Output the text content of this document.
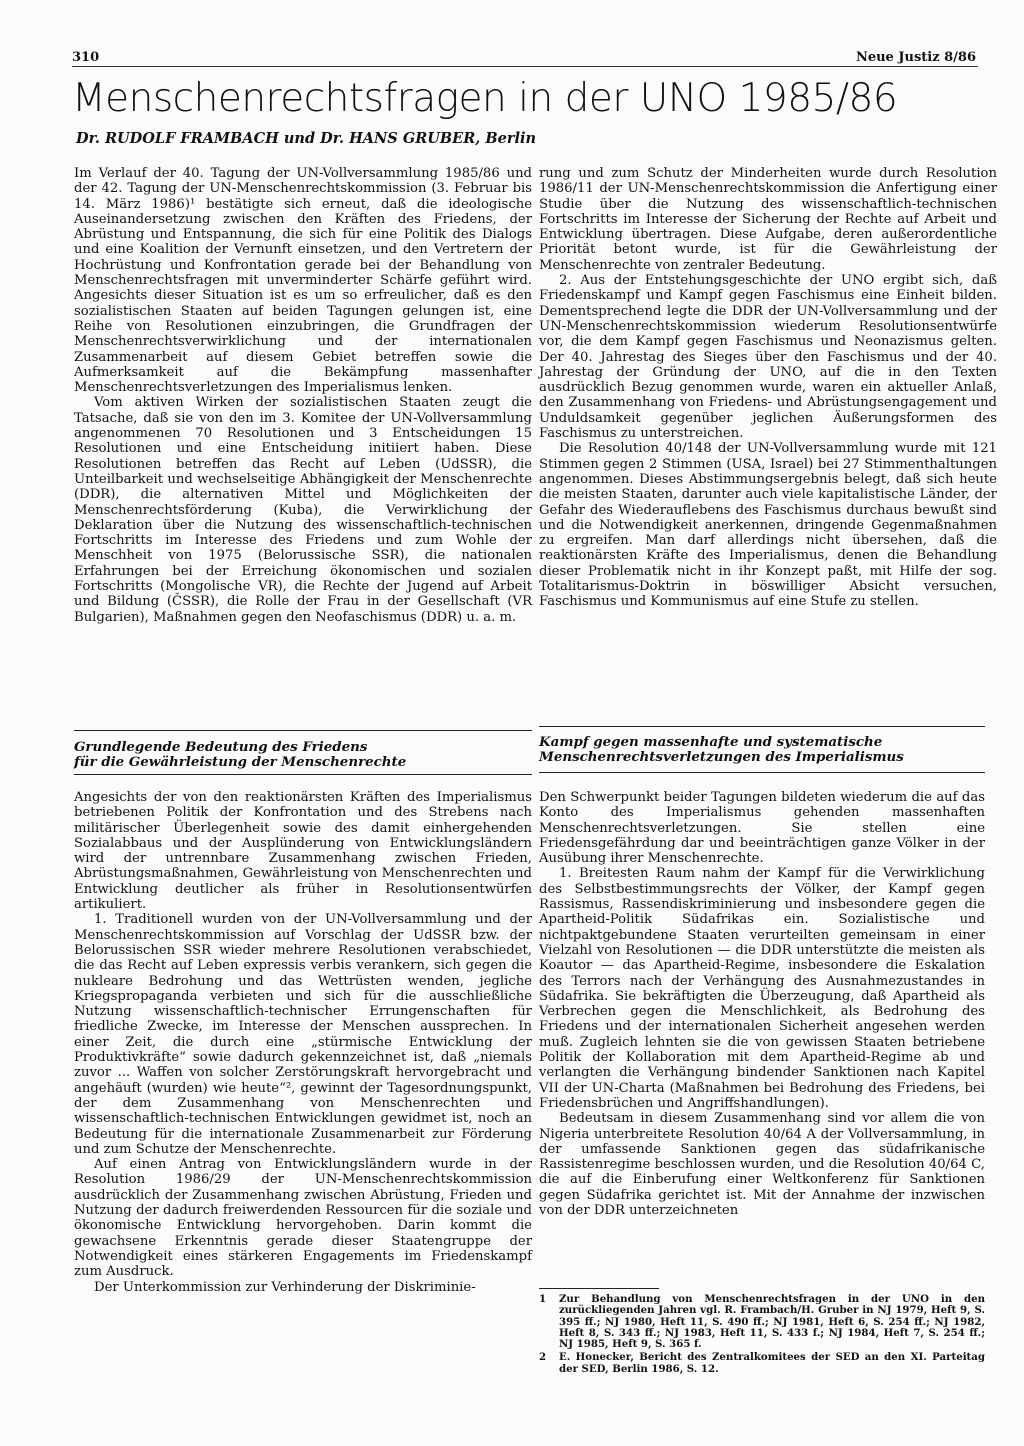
310	Neue Justiz 8/86
Menschenrechtsfragen in der UNO 1985/86
Dr. RUDOLF FRAMBACH und Dr. HANS GRUBER, Berlin

Im Verlauf der 40. Tagung der UN-Vollversammlung 1985/86 und der 42. Tagung der UN-Menschenrechtskommission (3. Februar bis 14. März 1986)¹ bestätigte sich erneut, daß die ideologische Auseinandersetzung zwischen den Kräften des Friedens, der Abrüstung und Entspannung, die sich für eine Politik des Dialogs und eine Koalition der Vernunft einsetzen, und den Vertretern der Hochrüstung und Konfrontation gerade bei der Behandlung von Menschenrechtsfragen mit unverminderter Schärfe geführt wird. Angesichts dieser Situation ist es um so erfreulicher, daß es den sozialistischen Staaten auf beiden Tagungen gelungen ist, eine Reihe von Resolutionen einzubringen, die Grundfragen der Menschenrechtsverwirklichung und der internationalen Zusammenarbeit auf diesem Gebiet betreffen sowie die Aufmerksamkeit auf die Bekämpfung massenhafter Menschenrechtsverletzungen des Imperialismus lenken.

Vom aktiven Wirken der sozialistischen Staaten zeugt die Tatsache, daß sie von den im 3. Komitee der UN-Vollversammlung angenommenen 70 Resolutionen und 3 Entscheidungen 15 Resolutionen und eine Entscheidung initiiert haben. Diese Resolutionen betreffen das Recht auf Leben (UdSSR), die Unteilbarkeit und wechselseitige Abhängigkeit der Menschenrechte (DDR), die alternativen Mittel und Möglichkeiten der Menschenrechtsförderung (Kuba), die Verwirklichung der Deklaration über die Nutzung des wissenschaftlich-technischen Fortschritts im Interesse des Friedens und zum Wohle der Menschheit von 1975 (Belorussische SSR), die nationalen Erfahrungen bei der Erreichung ökonomischen und sozialen Fortschritts (Mongolische VR), die Rechte der Jugend auf Arbeit und Bildung (ČSSR), die Rolle der Frau in der Gesellschaft (VR Bulgarien), Maßnahmen gegen den Neofaschismus (DDR) u. a. m.

rung und zum Schutz der Minderheiten wurde durch Resolution 1986/11 der UN-Menschenrechtskommission die Anfertigung einer Studie über die Nutzung des wissenschaftlich-technischen Fortschritts im Interesse der Sicherung der Rechte auf Arbeit und Entwicklung übertragen. Diese Aufgabe, deren außerordentliche Priorität betont wurde, ist für die Gewährleistung der Menschenrechte von zentraler Bedeutung.

2. Aus der Entstehungsgeschichte der UNO ergibt sich, daß Friedenskampf und Kampf gegen Faschismus eine Einheit bilden. Dementsprechend legte die DDR der UN-Vollversammlung und der UN-Menschenrechtskommission wiederum Resolutionsentwürfe vor, die dem Kampf gegen Faschismus und Neonazismus gelten. Der 40. Jahrestag des Sieges über den Faschismus und der 40. Jahrestag der Gründung der UNO, auf die in den Texten ausdrücklich Bezug genommen wurde, waren ein aktueller Anlaß, den Zusammenhang von Friedens- und Abrüstungsengagement und Unduldsamkeit gegenüber jeglichen Äußerungsformen des Faschismus zu unterstreichen.

Die Resolution 40/148 der UN-Vollversammlung wurde mit 121 Stimmen gegen 2 Stimmen (USA, Israel) bei 27 Stimmenthaltungen angenommen. Dieses Abstimmungsergebnis belegt, daß sich heute die meisten Staaten, darunter auch viele kapitalistische Länder, der Gefahr des Wiederauflebens des Faschismus durchaus bewußt sind und die Notwendigkeit anerkennen, dringende Gegenmaßnahmen zu ergreifen. Man darf allerdings nicht übersehen, daß die reaktionärsten Kräfte des Imperialismus, denen die Behandlung dieser Problematik nicht in ihr Konzept paßt, mit Hilfe der sog. Totalitarismus-Doktrin in böswilliger Absicht versuchen, Faschismus und Kommunismus auf eine Stufe zu stellen.

Grundlegende Bedeutung des Friedens
für die Gewährleistung der Menschenrechte
Kampf gegen massenhafte und systematische
Menschenrechtsverletzungen des Imperialismus

Angesichts der von den reaktionärsten Kräften des Imperialismus betriebenen Politik der Konfrontation und des Strebens nach militärischer Überlegenheit sowie des damit einhergehenden Sozialabbaus und der Ausplünderung von Entwicklungsländern wird der untrennbare Zusammenhang zwischen Frieden, Abrüstungsmaßnahmen, Gewährleistung von Menschenrechten und Entwicklung deutlicher als früher in Resolutionsentwürfen artikuliert.

1. Traditionell wurden von der UN-Vollversammlung und der Menschenrechtskommission auf Vorschlag der UdSSR bzw. der Belorussischen SSR wieder mehrere Resolutionen verabschiedet, die das Recht auf Leben expressis verbis verankern, sich gegen die nukleare Bedrohung und das Wettrüsten wenden, jegliche Kriegspropaganda verbieten und sich für die ausschließliche Nutzung wissenschaftlich-technischer Errungenschaften für friedliche Zwecke, im Interesse der Menschen aussprechen. In einer Zeit, die durch eine „stürmische Entwicklung der Produktivkräfte“ sowie dadurch gekennzeichnet ist, daß „niemals zuvor ... Waffen von solcher Zerstörungskraft hervorgebracht und angehäuft (wurden) wie heute“², gewinnt der Tagesordnungspunkt, der dem Zusammenhang von Menschenrechten und wissenschaftlich-technischen Entwicklungen gewidmet ist, noch an Bedeutung für die internationale Zusammenarbeit zur Förderung und zum Schutze der Menschenrechte.

Auf einen Antrag von Entwicklungsländern wurde in der Resolution 1986/29 der UN-Menschenrechtskommission ausdrücklich der Zusammenhang zwischen Abrüstung, Frieden und Nutzung der dadurch freiwerdenden Ressourcen für die soziale und ökonomische Entwicklung hervorgehoben. Darin kommt die gewachsene Erkenntnis gerade dieser Staatengruppe der Notwendigkeit eines stärkeren Engagements im Friedenskampf zum Ausdruck.

Der Unterkommission zur Verhinderung der Diskriminie-

Den Schwerpunkt beider Tagungen bildeten wiederum die auf das Konto des Imperialismus gehenden massenhaften Menschenrechtsverletzungen. Sie stellen eine Friedensgefährdung dar und beeinträchtigen ganze Völker in der Ausübung ihrer Menschenrechte.

1. Breitesten Raum nahm der Kampf für die Verwirklichung des Selbstbestimmungsrechts der Völker, der Kampf gegen Rassismus, Rassendiskriminierung und insbesondere gegen die Apartheid-Politik Südafrikas ein. Sozialistische und nichtpaktgebundene Staaten verurteilten gemeinsam in einer Vielzahl von Resolutionen — die DDR unterstützte die meisten als Koautor — das Apartheid-Regime, insbesondere die Eskalation des Terrors nach der Verhängung des Ausnahmezustandes in Südafrika. Sie bekräftigten die Überzeugung, daß Apartheid als Verbrechen gegen die Menschlichkeit, als Bedrohung des Friedens und der internationalen Sicherheit angesehen werden muß. Zugleich lehnten sie die von gewissen Staaten betriebene Politik der Kollaboration mit dem Apartheid-Regime ab und verlangten die Verhängung bindender Sanktionen nach Kapitel VII der UN-Charta (Maßnahmen bei Bedrohung des Friedens, bei Friedensbrüchen und Angriffshandlungen).

Bedeutsam in diesem Zusammenhang sind vor allem die von Nigeria unterbreitete Resolution 40/64 A der Vollversammlung, in der umfassende Sanktionen gegen das südafrikanische Rassistenregime beschlossen wurden, und die Resolution 40/64 C, die auf die Einberufung einer Weltkonferenz für Sanktionen gegen Südafrika gerichtet ist. Mit der Annahme der inzwischen von der DDR unterzeichneten

1	Zur Behandlung von Menschenrechtsfragen in der UNO in den zurückliegenden Jahren vgl. R. Frambach/H. Gruber in NJ 1979, Heft 9, S. 395 ff.; NJ 1980, Heft 11, S. 490 ff.; NJ 1981, Heft 6, S. 254 ff.; NJ 1982, Heft 8, S. 343 ff.; NJ 1983, Heft 11, S. 433 f.; NJ 1984, Heft 7, S. 254 ff.; NJ 1985, Heft 9, S. 365 f.
2	E. Honecker, Bericht des Zentralkomitees der SED an den XI. Parteitag der SED, Berlin 1986, S. 12.
